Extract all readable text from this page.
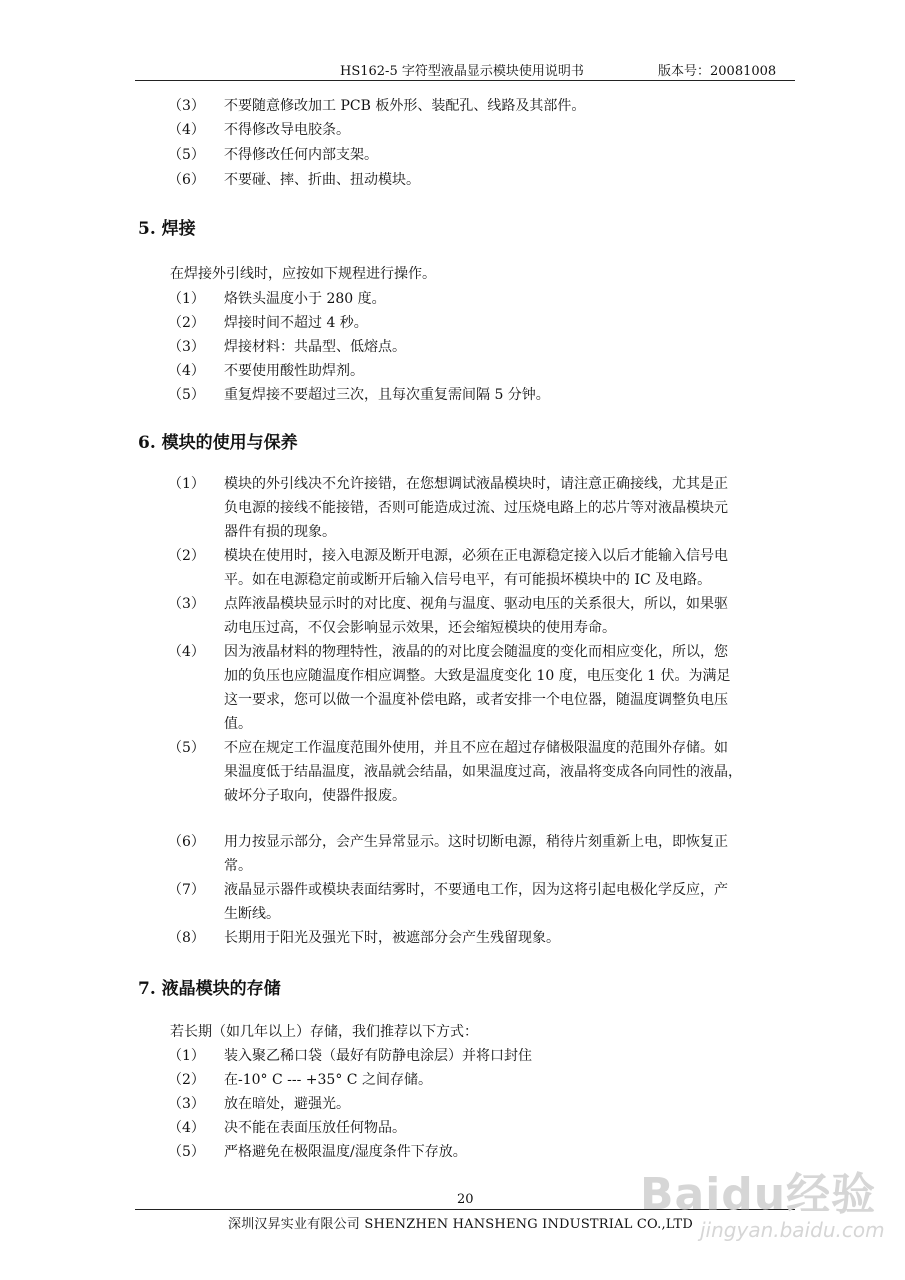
HS162-5 字符型液晶显示模块使用说明书	版本号：20081008
（3） 不要随意修改加工 PCB 板外形、装配孔、线路及其部件。
（4） 不得修改导电胶条。
（5） 不得修改任何内部支架。
（6） 不要碰、摔、折曲、扭动模块。
5. 焊接
在焊接外引线时，应按如下规程进行操作。
（1） 烙铁头温度小于 280 度。
（2） 焊接时间不超过 4 秒。
（3） 焊接材料：共晶型、低熔点。
（4） 不要使用酸性助焊剂。
（5） 重复焊接不要超过三次，且每次重复需间隔 5 分钟。
6. 模块的使用与保养
（1） 模块的外引线决不允许接错，在您想调试液晶模块时，请注意正确接线，尤其是正
负电源的接线不能接错，否则可能造成过流、过压烧电路上的芯片等对液晶模块元
器件有损的现象。
（2） 模块在使用时，接入电源及断开电源，必须在正电源稳定接入以后才能输入信号电
平。如在电源稳定前或断开后输入信号电平，有可能损坏模块中的 IC 及电路。
（3） 点阵液晶模块显示时的对比度、视角与温度、驱动电压的关系很大，所以，如果驱
动电压过高，不仅会影响显示效果，还会缩短模块的使用寿命。
（4） 因为液晶材料的物理特性，液晶的的对比度会随温度的变化而相应变化，所以，您
加的负压也应随温度作相应调整。大致是温度变化 10 度，电压变化 1 伏。为满足
这一要求，您可以做一个温度补偿电路，或者安排一个电位器，随温度调整负电压
值。
（5） 不应在规定工作温度范围外使用，并且不应在超过存储极限温度的范围外存储。如
果温度低于结晶温度，液晶就会结晶，如果温度过高，液晶将变成各向同性的液晶，
破坏分子取向，使器件报废。
（6） 用力按显示部分，会产生异常显示。这时切断电源，稍待片刻重新上电，即恢复正
常。
（7） 液晶显示器件或模块表面结雾时，不要通电工作，因为这将引起电极化学反应，产
生断线。
（8） 长期用于阳光及强光下时，被遮部分会产生残留现象。
7. 液晶模块的存储
若长期（如几年以上）存储，我们推荐以下方式：
（1） 装入聚乙稀口袋（最好有防静电涂层）并将口封住
（2） 在-10° C --- +35° C 之间存储。
（3） 放在暗处，避强光。
（4） 决不能在表面压放任何物品。
（5） 严格避免在极限温度/湿度条件下存放。
20
深圳汉昇实业有限公司 SHENZHEN HANSHENG INDUSTRIAL CO.,LTD
Baidu经验
jingyan.baidu.com
